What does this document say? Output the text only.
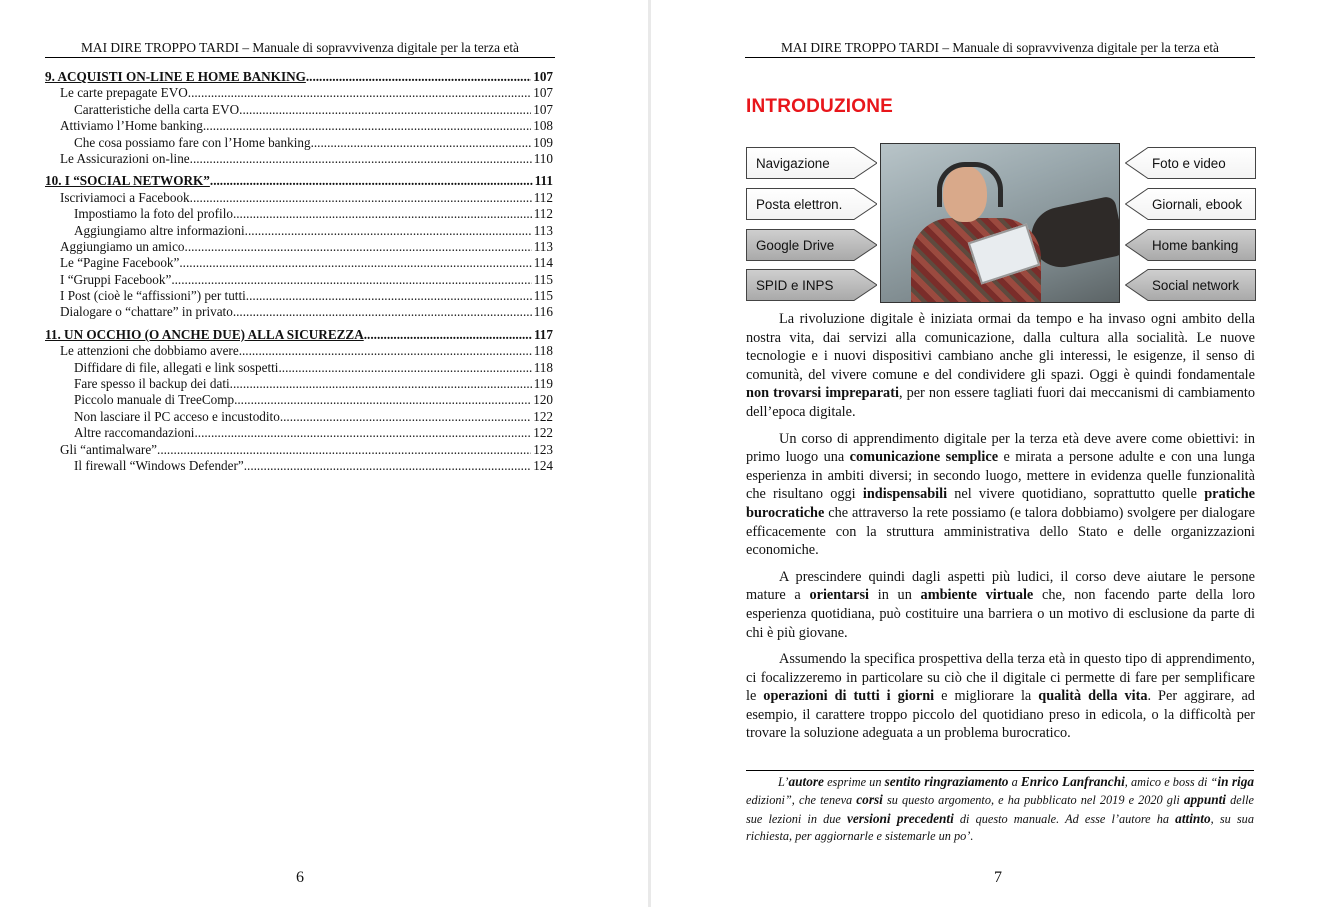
MAI DIRE TROPPO TARDI – Manuale di sopravvivenza digitale per la terza età
9. ACQUISTI ON-LINE E HOME BANKING .....	107
Le carte prepagate EVO .....	107
Caratteristiche della carta EVO .....	107
Attiviamo l’Home banking .....	108
Che cosa possiamo fare con l’Home banking .....	109
Le Assicurazioni on-line .....	110
10. I “SOCIAL NETWORK” .....	111
Iscriviamoci a Facebook .....	112
Impostiamo la foto del profilo .....	112
Aggiungiamo altre informazioni .....	113
Aggiungiamo un amico .....	113
Le “Pagine Facebook” .....	114
I “Gruppi Facebook” .....	115
I Post (cioè le “affissioni”) per tutti .....	115
Dialogare o “chattare” in privato .....	116
11. UN OCCHIO (O ANCHE DUE) ALLA SICUREZZA .....	117
Le attenzioni che dobbiamo avere .....	118
Diffidare di file, allegati e link sospetti .....	118
Fare spesso il backup dei dati .....	119
Piccolo manuale di TreeComp .....	120
Non lasciare il PC acceso e incustodito .....	122
Altre raccomandazioni .....	122
Gli “antimalware” .....	123
Il firewall “Windows Defender” .....	124
6
MAI DIRE TROPPO TARDI – Manuale di sopravvivenza digitale per la terza età
INTRODUZIONE
Navigazione
Posta elettron.
Google Drive
SPID e INPS
Foto e video
Giornali, ebook
Home banking
Social network

La rivoluzione digitale è iniziata ormai da tempo e ha invaso ogni ambito della nostra vita, dai servizi alla comunicazione, dalla cultura alla socialità. Le nuove tecnologie e i nuovi dispositivi cambiano anche gli interessi, le esigenze, il senso di comunità, del vivere comune e del condividere gli spazi. Oggi è quindi fondamentale non trovarsi impreparati, per non essere tagliati fuori dai meccanismi di cambiamento dell’epoca digitale.

Un corso di apprendimento digitale per la terza età deve avere come obiettivi: in primo luogo una comunicazione semplice e mirata a persone adulte e con una lunga esperienza in ambiti diversi; in secondo luogo, mettere in evidenza quelle funzionalità che risultano oggi indispensabili nel vivere quotidiano, soprattutto quelle pratiche burocratiche che attraverso la rete possiamo (e talora dobbiamo) svolgere per dialogare efficacemente con la struttura amministrativa dello Stato e delle organizzazioni economiche.

A prescindere quindi dagli aspetti più ludici, il corso deve aiutare le persone mature a orientarsi in un ambiente virtuale che, non facendo parte della loro esperienza quotidiana, può costituire una barriera o un motivo di esclusione da parte di chi è più giovane.

Assumendo la specifica prospettiva della terza età in questo tipo di apprendimento, ci focalizzeremo in particolare su ciò che il digitale ci permette di fare per semplificare le operazioni di tutti i giorni e migliorare la qualità della vita. Per aggirare, ad esempio, il carattere troppo piccolo del quotidiano preso in edicola, o la difficoltà per trovare la soluzione adeguata a un problema burocratico.

L’autore esprime un sentito ringraziamento a Enrico Lanfranchi, amico e boss di “in riga edizioni”, che teneva corsi su questo argomento, e ha pubblicato nel 2019 e 2020 gli appunti delle sue lezioni in due versioni precedenti di questo manuale. Ad esse l’autore ha attinto, su sua richiesta, per aggiornarle e sistemarle un po’.
7
